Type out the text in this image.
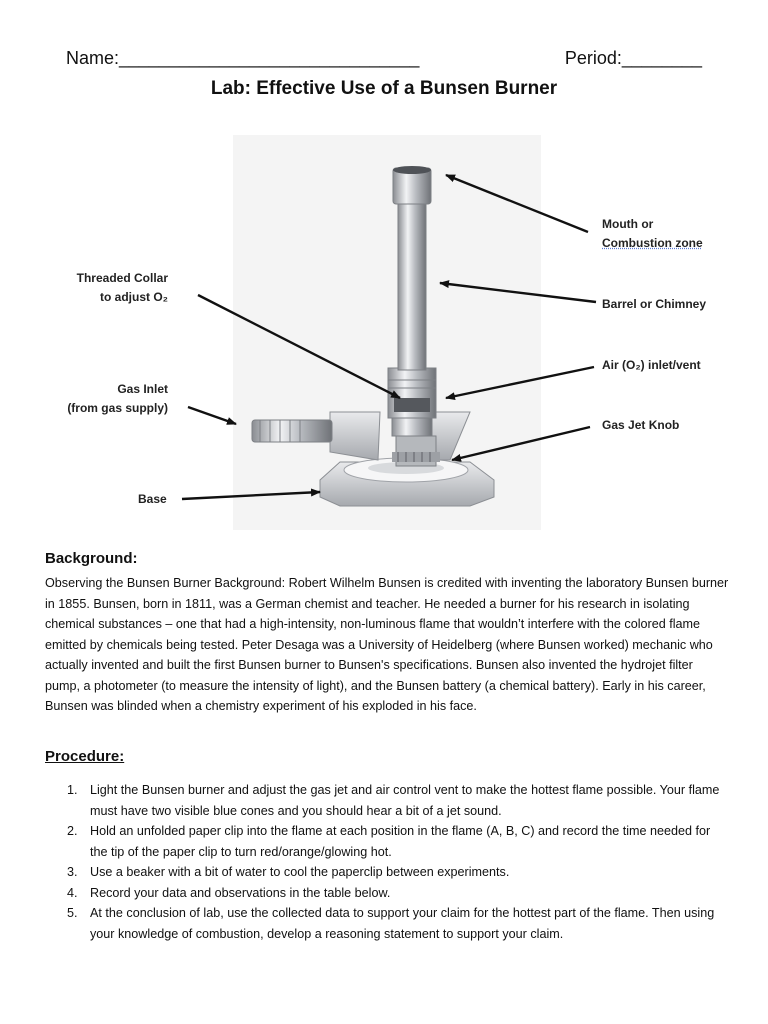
Name:______________________________	Period:________
Lab: Effective Use of a Bunsen Burner
Mouth or
Combustion zone
Barrel or Chimney
Air (O₂) inlet/vent
Gas Jet Knob
Threaded Collar
to adjust O₂
Gas Inlet
(from gas supply)
Base
Background:

Observing the Bunsen Burner Background: Robert Wilhelm Bunsen is credited with inventing the laboratory Bunsen burner in 1855. Bunsen, born in 1811, was a German chemist and teacher. He needed a burner for his research in isolating chemical substances – one that had a high-intensity, non-luminous flame that wouldn’t interfere with the colored flame emitted by chemicals being tested. Peter Desaga was a University of Heidelberg (where Bunsen worked) mechanic who actually invented and built the first Bunsen burner to Bunsen's specifications. Bunsen also invented the hydrojet filter pump, a photometer (to measure the intensity of light), and the Bunsen battery (a chemical battery). Early in his career, Bunsen was blinded when a chemistry experiment of his exploded in his face.

Procedure:
1. Light the Bunsen burner and adjust the gas jet and air control vent to make the hottest flame possible. Your flame must have two visible blue cones and you should hear a bit of a jet sound.
2. Hold an unfolded paper clip into the flame at each position in the flame (A, B, C) and record the time needed for the tip of the paper clip to turn red/orange/glowing hot.
3. Use a beaker with a bit of water to cool the paperclip between experiments.
4. Record your data and observations in the table below.
5. At the conclusion of lab, use the collected data to support your claim for the hottest part of the flame. Then using your knowledge of combustion, develop a reasoning statement to support your claim.
